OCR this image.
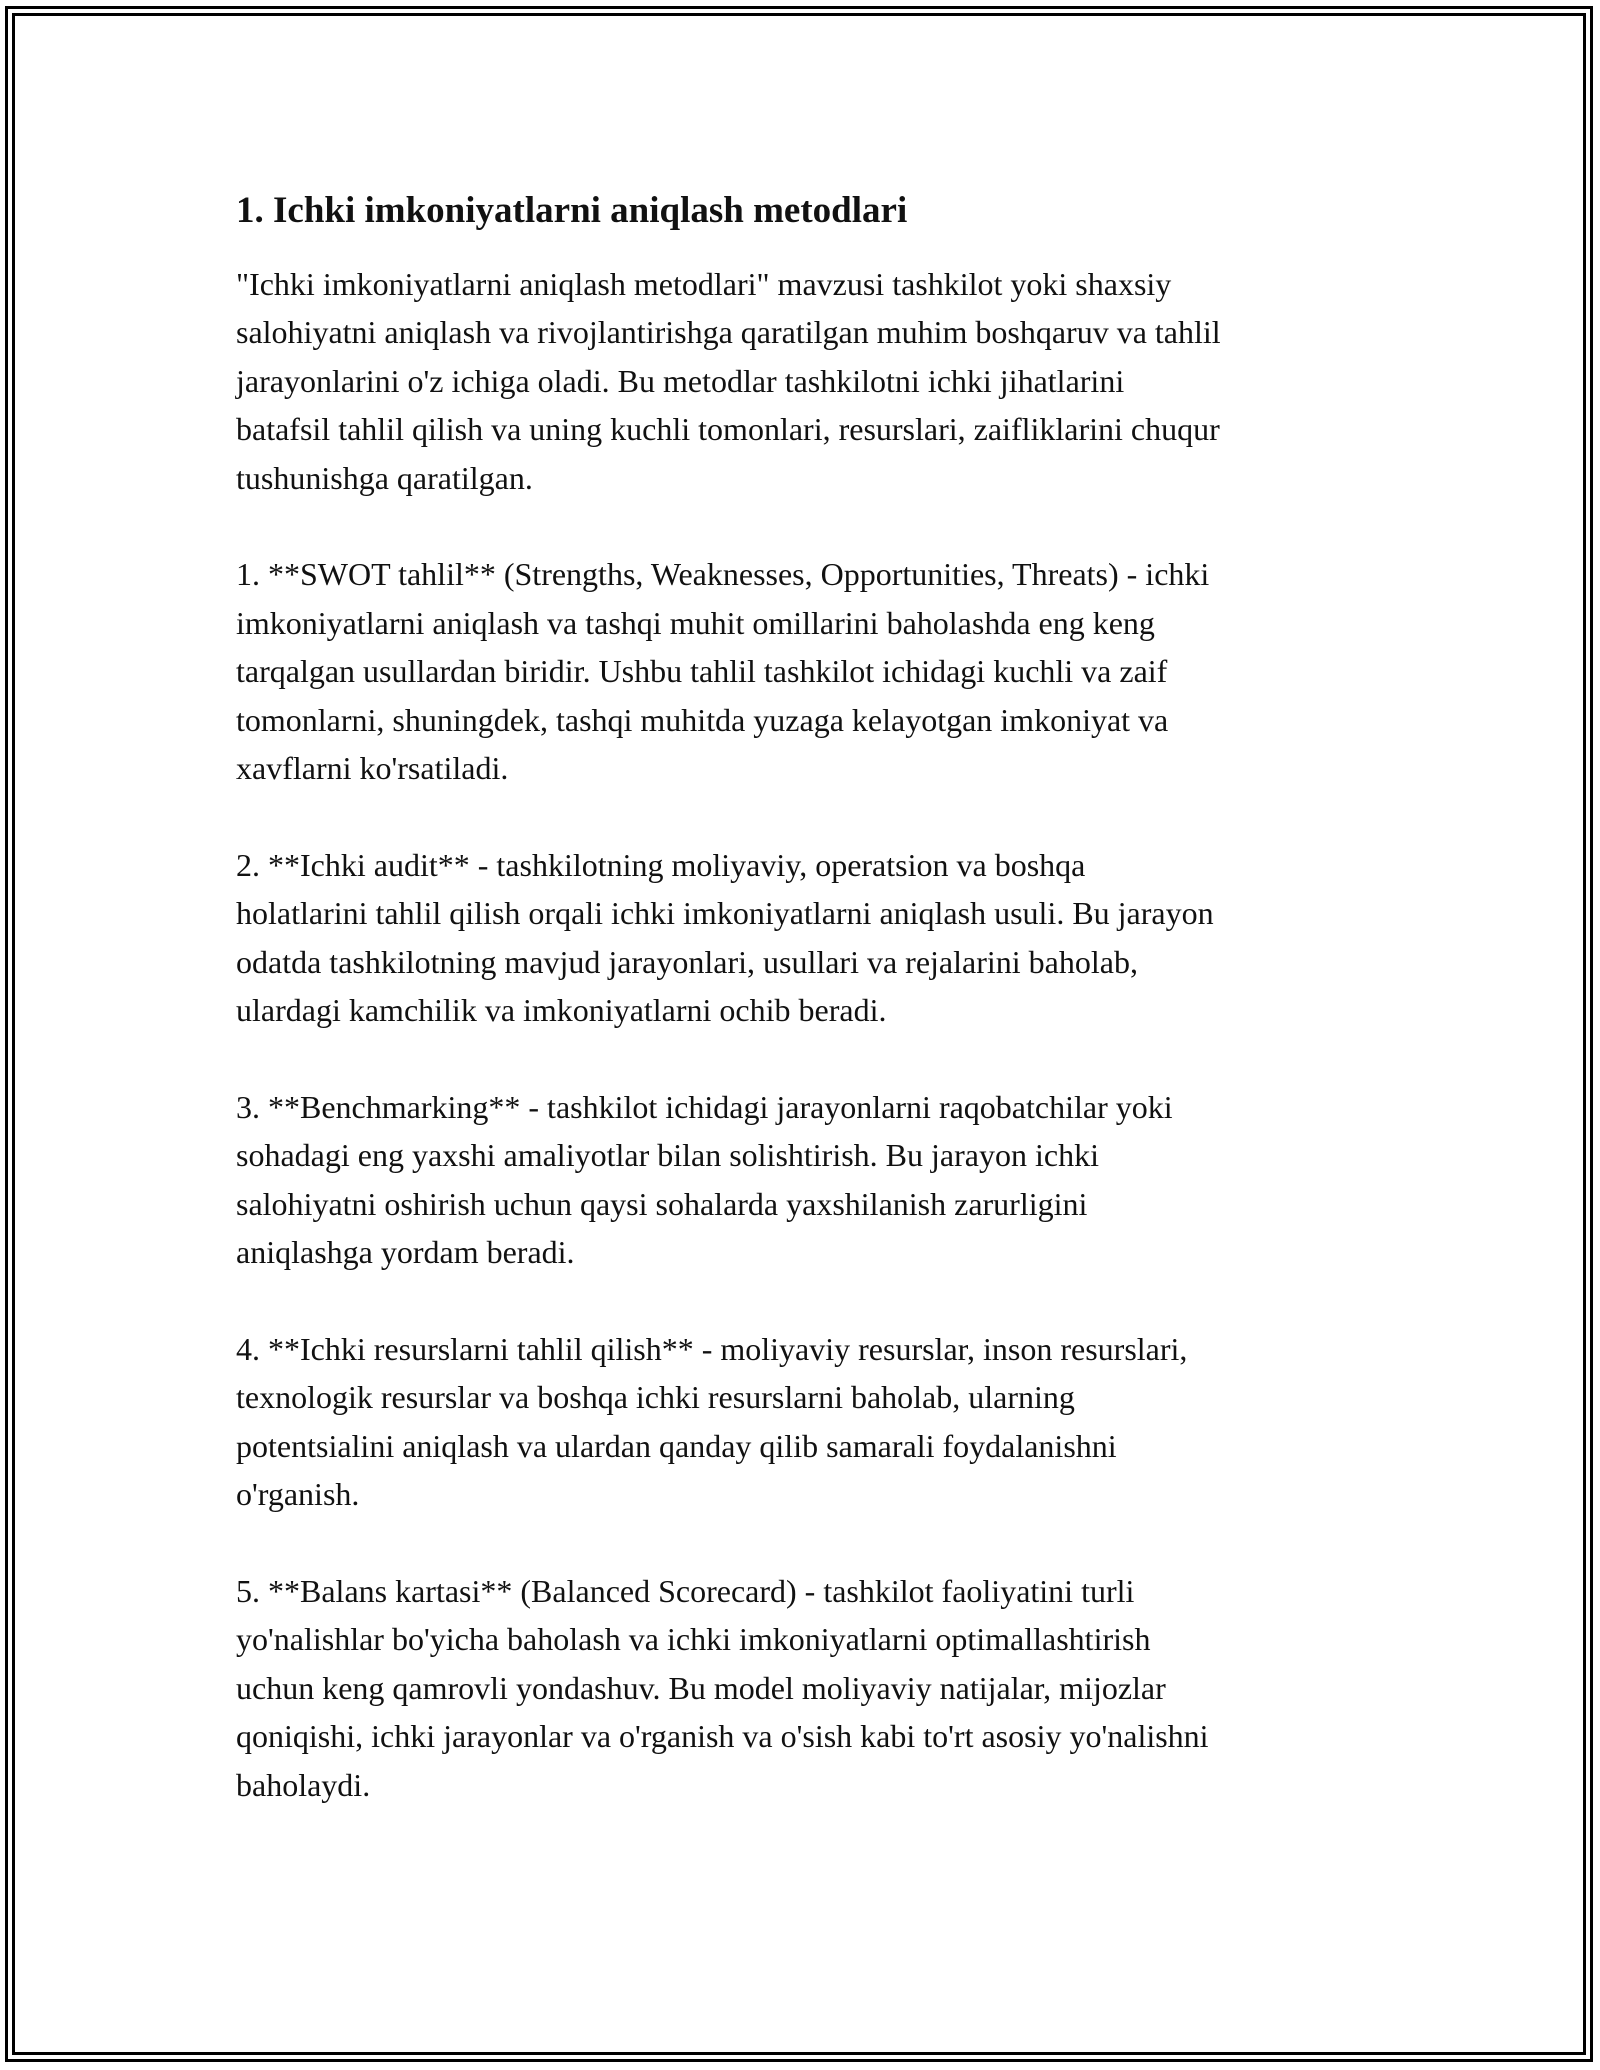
1. Ichki imkoniyatlarni aniqlash metodlari

"Ichki imkoniyatlarni aniqlash metodlari" mavzusi tashkilot yoki shaxsiy
salohiyatni aniqlash va rivojlantirishga qaratilgan muhim boshqaruv va tahlil
jarayonlarini o'z ichiga oladi. Bu metodlar tashkilotni ichki jihatlarini
batafsil tahlil qilish va uning kuchli tomonlari, resurslari, zaifliklarini chuqur
tushunishga qaratilgan.

1. **SWOT tahlil** (Strengths, Weaknesses, Opportunities, Threats) - ichki
imkoniyatlarni aniqlash va tashqi muhit omillarini baholashda eng keng
tarqalgan usullardan biridir. Ushbu tahlil tashkilot ichidagi kuchli va zaif
tomonlarni, shuningdek, tashqi muhitda yuzaga kelayotgan imkoniyat va
xavflarni ko'rsatiladi.

2. **Ichki audit** - tashkilotning moliyaviy, operatsion va boshqa
holatlarini tahlil qilish orqali ichki imkoniyatlarni aniqlash usuli. Bu jarayon
odatda tashkilotning mavjud jarayonlari, usullari va rejalarini baholab,
ulardagi kamchilik va imkoniyatlarni ochib beradi.

3. **Benchmarking** - tashkilot ichidagi jarayonlarni raqobatchilar yoki
sohadagi eng yaxshi amaliyotlar bilan solishtirish. Bu jarayon ichki
salohiyatni oshirish uchun qaysi sohalarda yaxshilanish zarurligini
aniqlashga yordam beradi.

4. **Ichki resurslarni tahlil qilish** - moliyaviy resurslar, inson resurslari,
texnologik resurslar va boshqa ichki resurslarni baholab, ularning
potentsialini aniqlash va ulardan qanday qilib samarali foydalanishni
o'rganish.

5. **Balans kartasi** (Balanced Scorecard) - tashkilot faoliyatini turli
yo'nalishlar bo'yicha baholash va ichki imkoniyatlarni optimallashtirish
uchun keng qamrovli yondashuv. Bu model moliyaviy natijalar, mijozlar
qoniqishi, ichki jarayonlar va o'rganish va o'sish kabi to'rt asosiy yo'nalishni
baholaydi.
